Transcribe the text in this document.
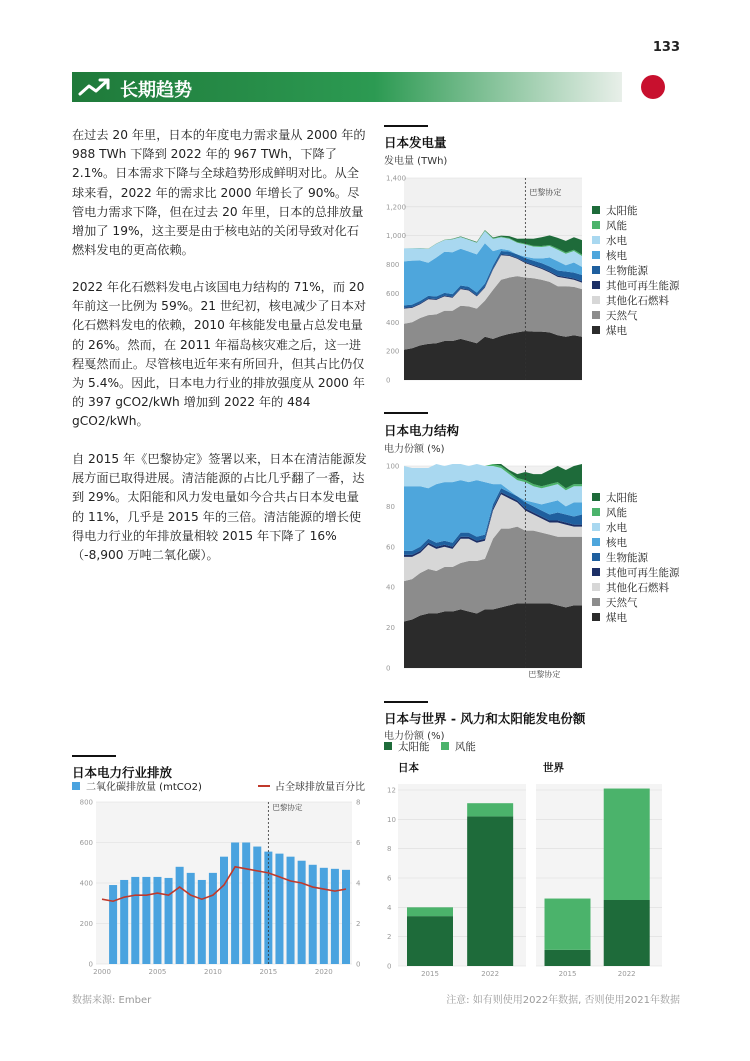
133
长期趋势
在过去 20 年里，日本的年度电力需求量从 2000 年的 988 TWh 下降到 2022 年的 967 TWh，下降了 2.1%。日本需求下降与全球趋势形成鲜明对比。从全球来看，2022 年的需求比 2000 年增长了 90%。尽管电力需求下降，但在过去 20 年里，日本的总排放量增加了 19%，这主要是由于核电站的关闭导致对化石燃料发电的更高依赖。
2022 年化石燃料发电占该国电力结构的 71%，而 20 年前这一比例为 59%。21 世纪初，核电减少了日本对化石燃料发电的依赖，2010 年核能发电量占总发电量的 26%。然而，在 2011 年福岛核灾难之后，这一进程戛然而止。尽管核电近年来有所回升，但其占比仍仅为 5.4%。因此，日本电力行业的排放强度从 2000 年的 397 gCO2/kWh 增加到 2022 年的 484 gCO2/kWh。
自 2015 年《巴黎协定》签署以来，日本在清洁能源发展方面已取得进展。清洁能源的占比几乎翻了一番，达到 29%。太阳能和风力发电量如今合共占日本发电量的 11%，几乎是 2015 年的三倍。清洁能源的增长使得电力行业的年排放量相较 2015 年下降了 16%（-8,900 万吨二氧化碳）。
日本发电量
发电量 (TWh)
0
200
400
600
800
1,000
1,200
1,400
巴黎协定
太阳能
风能
水电
核电
生物能源
其他可再生能源
其他化石燃料
天然气
煤电
日本电力结构
电力份额 (%)
0
20
40
60
80
100
巴黎协定
太阳能
风能
水电
核电
生物能源
其他可再生能源
其他化石燃料
天然气
煤电
日本电力行业排放
二氧化碳排放量 (mtCO2)	占全球排放量百分比
0
200
400
600
800
0
2
4
6
8
2000	2005	2010	2015	2020
巴黎协定
日本与世界 - 风力和太阳能发电份额
电力份额 (%)
太阳能 风能
日本	世界
0
2
4
6
8
10
12
2015	2022	2015	2022
数据来源: Ember	注意: 如有则使用2022年数据, 否则使用2021年数据
